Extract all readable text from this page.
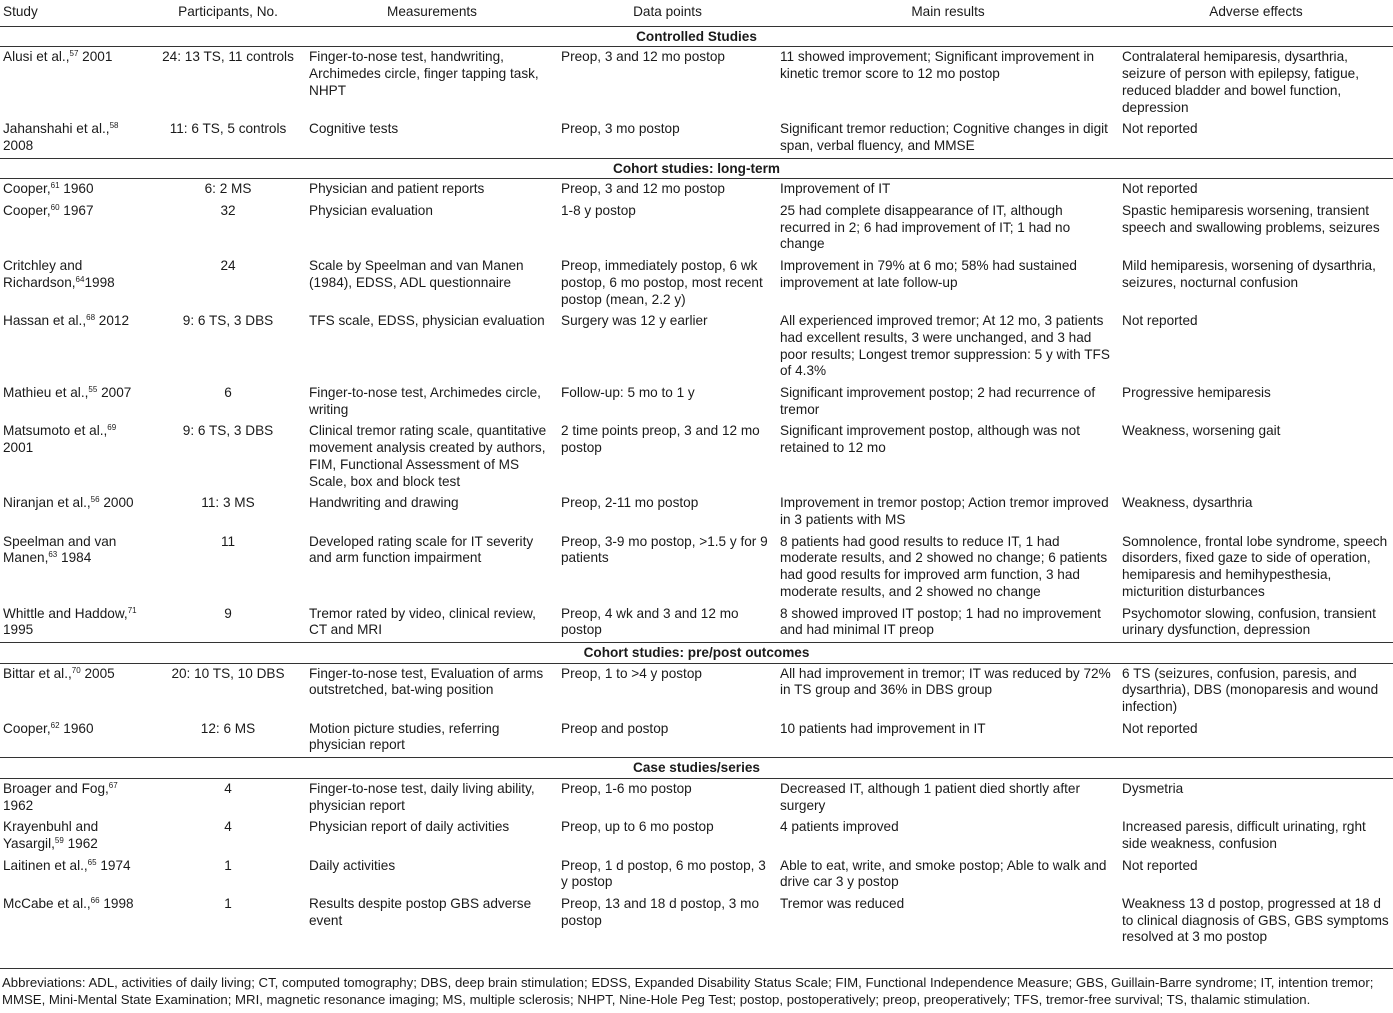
Study	Participants, No.	Measurements	Data points	Main results	Adverse effects
Controlled Studies					
Alusi et al.,$^{57}$ 2001	24: 13 TS, 11 controls	Finger-to-nose test, handwriting, Archimedes circle, finger tapping task, NHPT	Preop, 3 and 12 mo postop	11 showed improvement; Significant improvement in kinetic tremor score to 12 mo postop	Contralateral hemiparesis, dysarthria, seizure of person with epilepsy, fatigue, reduced bladder and bowel function, depression
Jahanshahi et al.,$^{58}$ 2008	11: 6 TS, 5 controls	Cognitive tests	Preop, 3 mo postop	Significant tremor reduction; Cognitive changes in digit span, verbal fluency, and MMSE	Not reported
Cohort studies: long-term					
Cooper,$^{61}$ 1960	6: 2 MS	Physician and patient reports	Preop, 3 and 12 mo postop	Improvement of IT	Not reported
Cooper,$^{60}$ 1967	32	Physician evaluation	1-8 y postop	25 had complete disappearance of IT, although recurred in 2; 6 had improvement of IT; 1 had no change	Spastic hemiparesis worsening, transient speech and swallowing problems, seizures
Critchley and Richardson,$^{64}$1998	24	Scale by Speelman and van Manen (1984), EDSS, ADL questionnaire	Preop, immediately postop, 6 wk postop, 6 mo postop, most recent postop (mean, 2.2 y)	Improvement in 79% at 6 mo; 58% had sustained improvement at late follow-up	Mild hemiparesis, worsening of dysarthria, seizures, nocturnal confusion
Hassan et al.,$^{68}$ 2012	9: 6 TS, 3 DBS	TFS scale, EDSS, physician evaluation	Surgery was 12 y earlier	All experienced improved tremor; At 12 mo, 3 patients had excellent results, 3 were unchanged, and 3 had poor results; Longest tremor suppression: 5 y with TFS of 4.3%	Not reported
Mathieu et al.,$^{55}$ 2007	6	Finger-to-nose test, Archimedes circle, writing	Follow-up: 5 mo to 1 y	Significant improvement postop; 2 had recurrence of tremor	Progressive hemiparesis
Matsumoto et al.,$^{69}$ 2001	9: 6 TS, 3 DBS	Clinical tremor rating scale, quantitative movement analysis created by authors, FIM, Functional Assessment of MS Scale, box and block test	2 time points preop, 3 and 12 mo postop	Significant improvement postop, although was not retained to 12 mo	Weakness, worsening gait
Niranjan et al.,$^{56}$ 2000	11: 3 MS	Handwriting and drawing	Preop, 2-11 mo postop	Improvement in tremor postop; Action tremor improved in 3 patients with MS	Weakness, dysarthria
Speelman and van Manen,$^{63}$ 1984	11	Developed rating scale for IT severity and arm function impairment	Preop, 3-9 mo postop, >1.5 y for 9 patients	8 patients had good results to reduce IT, 1 had moderate results, and 2 showed no change; 6 patients had good results for improved arm function, 3 had moderate results, and 2 showed no change	Somnolence, frontal lobe syndrome, speech disorders, fixed gaze to side of operation, hemiparesis and hemihypesthesia, micturition disturbances
Whittle and Haddow,$^{71}$ 1995	9	Tremor rated by video, clinical review, CT and MRI	Preop, 4 wk and 3 and 12 mo postop	8 showed improved IT postop; 1 had no improvement and had minimal IT preop	Psychomotor slowing, confusion, transient urinary dysfunction, depression
Cohort studies: pre/post outcomes					
Bittar et al.,$^{70}$ 2005	20: 10 TS, 10 DBS	Finger-to-nose test, Evaluation of arms outstretched, bat-wing position	Preop, 1 to >4 y postop	All had improvement in tremor; IT was reduced by 72% in TS group and 36% in DBS group	6 TS (seizures, confusion, paresis, and dysarthria), DBS (monoparesis and wound infection)
Cooper,$^{62}$ 1960	12: 6 MS	Motion picture studies, referring physician report	Preop and postop	10 patients had improvement in IT	Not reported
Case studies/series					
Broager and Fog,$^{67}$ 1962	4	Finger-to-nose test, daily living ability, physician report	Preop, 1-6 mo postop	Decreased IT, although 1 patient died shortly after surgery	Dysmetria
Krayenbuhl and Yasargil,$^{59}$ 1962	4	Physician report of daily activities	Preop, up to 6 mo postop	4 patients improved	Increased paresis, difficult urinating, rght side weakness, confusion
Laitinen et al.,$^{65}$ 1974	1	Daily activities	Preop, 1 d postop, 6 mo postop, 3 y postop	Able to eat, write, and smoke postop; Able to walk and drive car 3 y postop	Not reported
McCabe et al.,$^{66}$ 1998	1	Results despite postop GBS adverse event	Preop, 13 and 18 d postop, 3 mo postop	Tremor was reduced	Weakness 13 d postop, progressed at 18 d to clinical diagnosis of GBS, GBS symptoms resolved at 3 mo postop
Abbreviations: ADL, activities of daily living; CT, computed tomography; DBS, deep brain stimulation; EDSS, Expanded Disability Status Scale; FIM, Functional Independence Measure; GBS, Guillain-Barre syndrome; IT, intention tremor; MMSE, Mini-Mental State Examination; MRI, magnetic resonance imaging; MS, multiple sclerosis; NHPT, Nine-Hole Peg Test; postop, postoperatively; preop, preoperatively; TFS, tremor-free survival; TS, thalamic stimulation.
